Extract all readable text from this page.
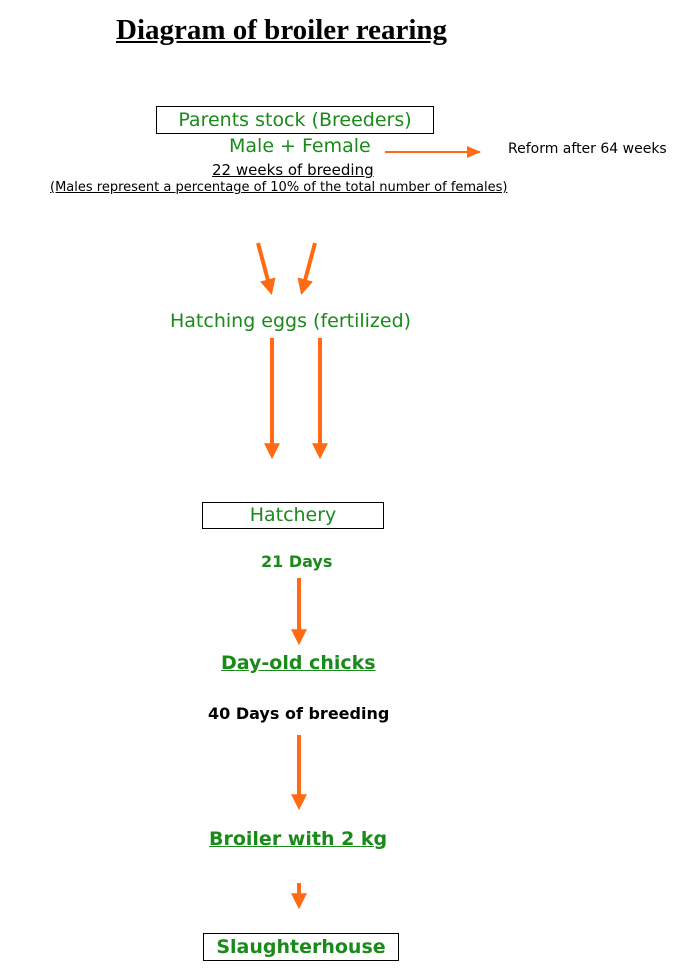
Diagram of broiler rearing
Parents stock (Breeders)
Male + Female
22 weeks of breeding
(Males represent a percentage of 10% of the total number of females)
Reform after 64 weeks
Hatching eggs (fertilized)
Hatchery
21 Days
Day-old chicks
40 Days of breeding
Broiler with 2 kg
Slaughterhouse
